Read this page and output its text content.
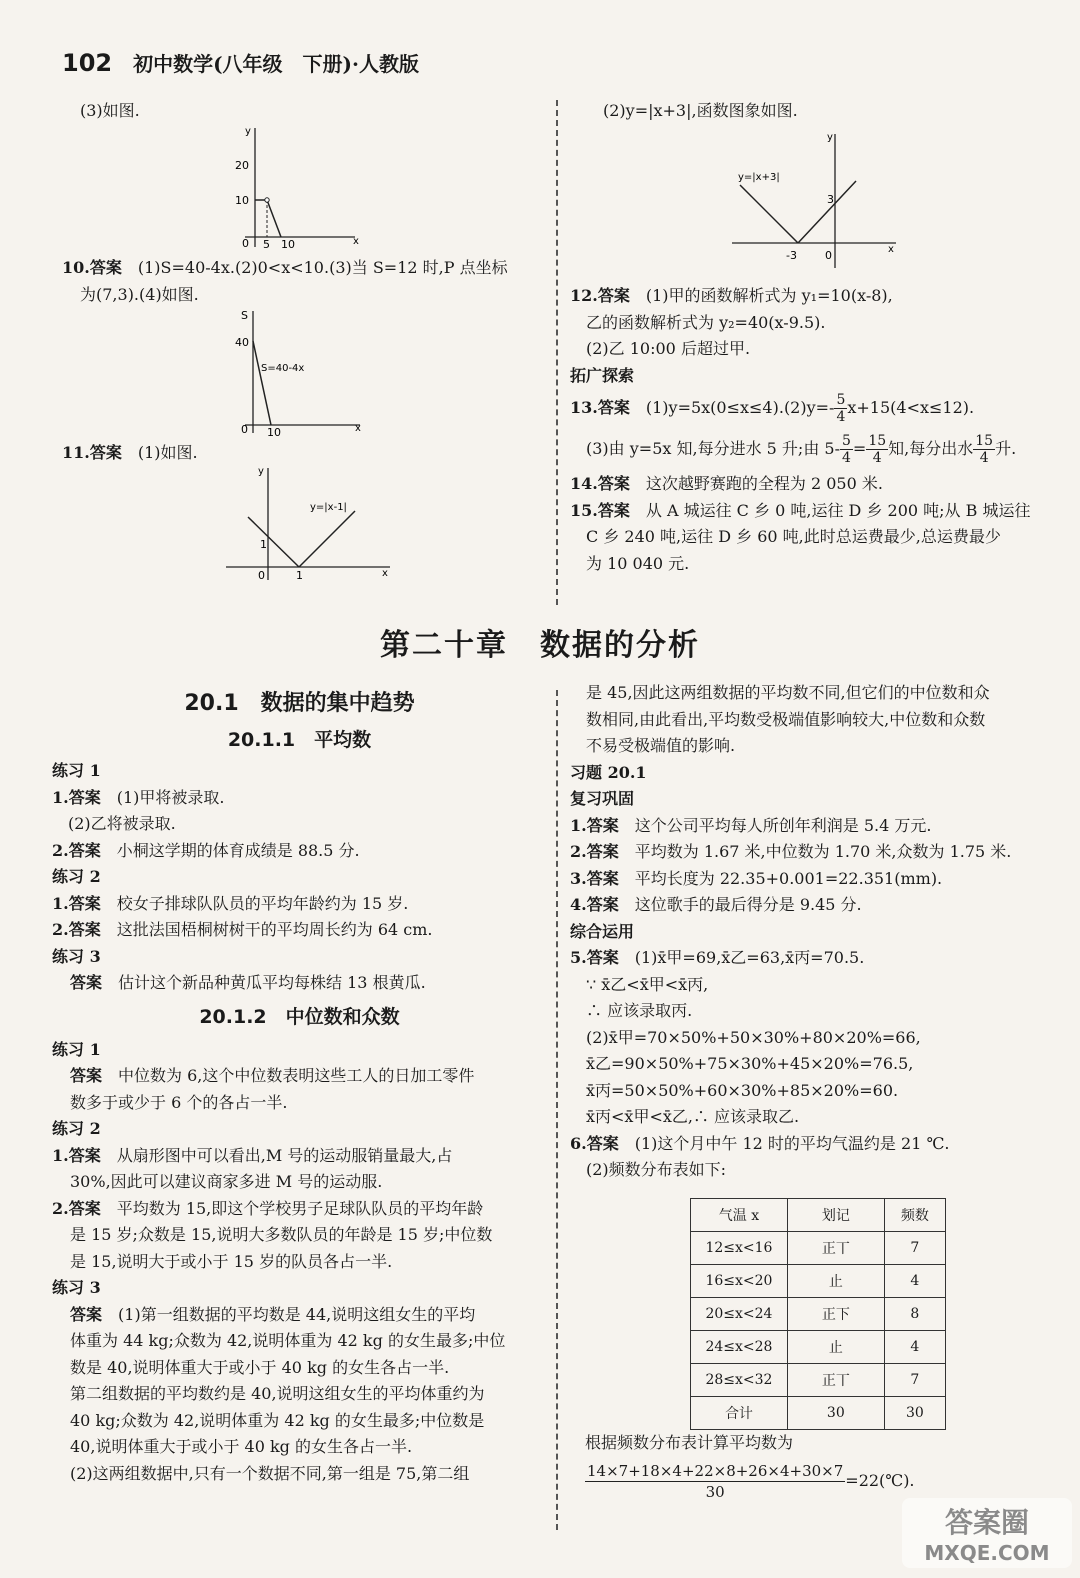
102 初中数学(八年级　下册)·人教版

(3)如图.

y
x
0
20
10
5 10

10.答案　 (1)S=40-4x.(2)0<x<10.(3)当 S=12 时,P 点坐标

为(7,3).(4)如图.

S
x
0
40
10
S=40-4x

11.答案　 (1)如图.

y
x
0
1
1
y=|x-1|

(2)y=|x+3|,函数图象如图.

y
x
0
3
-3
y=|x+3|

12.答案　 (1)甲的函数解析式为 y₁=10(x-8),

乙的函数解析式为 y₂=40(x-9.5).

(2)乙 10:00 后超过甲.

拓广探索

13.答案　 $(1)y=5x(0\le x\le 4).(2)y=- \frac{5}{4} x+15(4<x\le 12)$.

(3)由 y=5x 知,每分进水 5 升;由 $5- \frac{5}{4} = \frac{15}{4}$ 知,每分出水 $\frac{15}{4}$ 升.

14.答案　 这次越野赛跑的全程为 2 050 米.

15.答案　 从 A 城运往 C 乡 0 吨,运往 D 乡 200 吨;从 B 城运往

C 乡 240 吨,运往 D 乡 60 吨,此时总运费最少,总运费最少

为 10 040 元.

第二十章　数据的分析

20.1　数据的集中趋势

20.1.1　平均数

练习 1

1.答案　 (1)甲将被录取.

(2)乙将被录取.

2.答案　 小桐这学期的体育成绩是 88.5 分.

练习 2

1.答案　 校女子排球队队员的平均年龄约为 15 岁.

2.答案　 这批法国梧桐树树干的平均周长约为 64 cm.

练习 3

答案　 估计这个新品种黄瓜平均每株结 13 根黄瓜.

20.1.2　中位数和众数

练习 1

答案　 中位数为 6,这个中位数表明这些工人的日加工零件

数多于或少于 6 个的各占一半.

练习 2

1.答案　 从扇形图中可以看出,M 号的运动服销量最大,占

30%,因此可以建议商家多进 M 号的运动服.

2.答案　 平均数为 15,即这个学校男子足球队队员的平均年龄

是 15 岁;众数是 15,说明大多数队员的年龄是 15 岁;中位数

是 15,说明大于或小于 15 岁的队员各占一半.

练习 3

答案　 (1)第一组数据的平均数是 44,说明这组女生的平均

体重为 44 kg;众数为 42,说明体重为 42 kg 的女生最多;中位

数是 40,说明体重大于或小于 40 kg 的女生各占一半.

第二组数据的平均数约是 40,说明这组女生的平均体重约为

40 kg;众数为 42,说明体重为 42 kg 的女生最多;中位数是

40,说明体重大于或小于 40 kg 的女生各占一半.

(2)这两组数据中,只有一个数据不同,第一组是 75,第二组

是 45,因此这两组数据的平均数不同,但它们的中位数和众

数相同,由此看出,平均数受极端值影响较大,中位数和众数

不易受极端值的影响.

习题 20.1

复习巩固

1.答案　 这个公司平均每人所创年利润是 5.4 万元.

2.答案　 平均数为 1.67 米,中位数为 1.70 米,众数为 1.75 米.

3.答案　 平均长度为 22.35+0.001=22.351(mm).

4.答案　 这位歌手的最后得分是 9.45 分.

综合运用

5.答案　 (1)x̄甲=69,x̄乙=63,x̄丙=70.5.

∵ x̄乙<x̄甲<x̄丙,

∴ 应该录取丙.

(2)x̄甲=70×50%+50×30%+80×20%=66,

x̄乙=90×50%+75×30%+45×20%=76.5,

x̄丙=50×50%+60×30%+85×20%=60.

x̄丙<x̄甲<x̄乙,∴ 应该录取乙.

6.答案　 (1)这个月中午 12 时的平均气温约是 21 ℃.

(2)频数分布表如下:

气温 x	划记	频数
12≤x<16	正丅	7
16≤x<20	止	4
20≤x<24	正下	8
24≤x<28	止	4
28≤x<32	正丅	7
合计	30	30

根据频数分布表计算平均数为

$\frac{14\times 7+18\times 4+22\times 8+26\times 4+30\times 7}{30}$ =22(℃).

答案圈
MXQE.COM
